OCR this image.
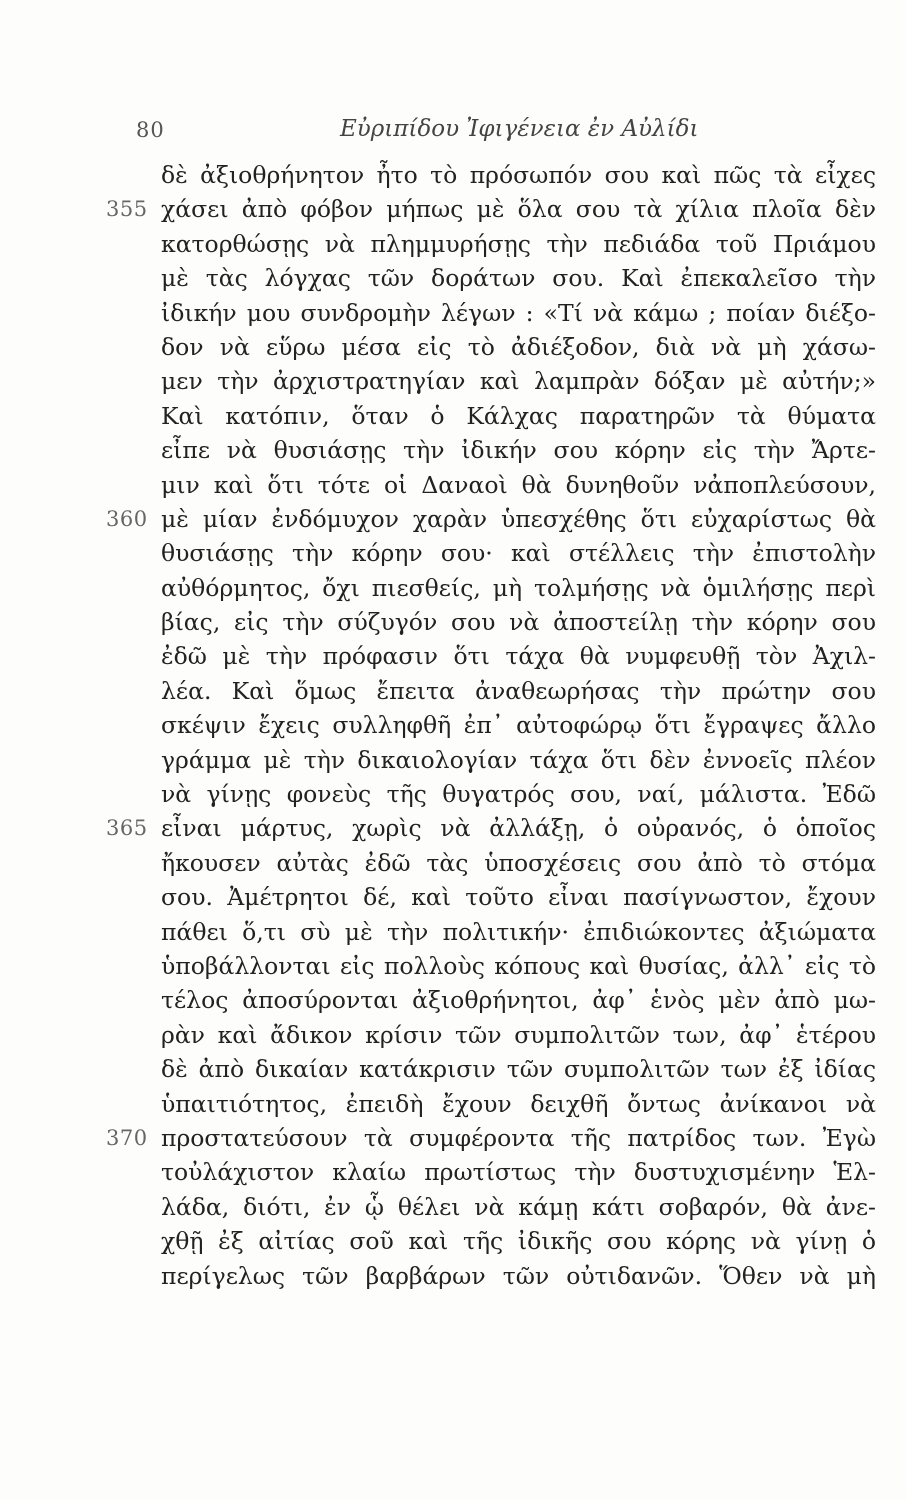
80	Εὐριπίδου Ἰφιγένεια ἐν Αὐλίδι
δὲ ἀξιοθρήνητον ἦτο τὸ πρόσωπόν σου καὶ πῶς τὰ εἶχες
355 χάσει ἀπὸ φόβον μήπως μὲ ὅλα σου τὰ χίλια πλοῖα δὲν
κατορθώσῃς νὰ πλημμυρήσῃς τὴν πεδιάδα τοῦ Πριάμου
μὲ τὰς λόγχας τῶν δοράτων σου. Καὶ ἐπεκαλεῖσο τὴν
ἰδικήν μου συνδρομὴν λέγων : «Τί νὰ κάμω ; ποίαν διέξο-
δον νὰ εὕρω μέσα εἰς τὸ ἀδιέξοδον, διὰ νὰ μὴ χάσω-
μεν τὴν ἀρχιστρατηγίαν καὶ λαμπρὰν δόξαν μὲ αὐτήν;»
Καὶ κατόπιν, ὅταν ὁ Κάλχας παρατηρῶν τὰ θύματα
εἶπε νὰ θυσιάσῃς τὴν ἰδικήν σου κόρην εἰς τὴν Ἄρτε-
μιν καὶ ὅτι τότε οἱ Δαναοὶ θὰ δυνηθοῦν νἀποπλεύσουν,
360 μὲ μίαν ἐνδόμυχον χαρὰν ὑπεσχέθης ὅτι εὐχαρίστως θὰ
θυσιάσῃς τὴν κόρην σου· καὶ στέλλεις τὴν ἐπιστολὴν
αὐθόρμητος, ὄχι πιεσθείς, μὴ τολμήσῃς νὰ ὁμιλήσῃς περὶ
βίας, εἰς τὴν σύζυγόν σου νὰ ἀποστείλῃ τὴν κόρην σου
ἐδῶ μὲ τὴν πρόφασιν ὅτι τάχα θὰ νυμφευθῇ τὸν Ἀχιλ-
λέα. Καὶ ὅμως ἔπειτα ἀναθεωρήσας τὴν πρώτην σου
σκέψιν ἔχεις συλληφθῆ ἐπ᾿ αὐτοφώρῳ ὅτι ἔγραψες ἄλλο
γράμμα μὲ τὴν δικαιολογίαν τάχα ὅτι δὲν ἐννοεῖς πλέον
νὰ γίνῃς φονεὺς τῆς θυγατρός σου, ναί, μάλιστα. Ἐδῶ
365 εἶναι μάρτυς, χωρὶς νὰ ἀλλάξῃ, ὁ οὐρανός, ὁ ὁποῖος
ἤκουσεν αὐτὰς ἐδῶ τὰς ὑποσχέσεις σου ἀπὸ τὸ στόμα
σου. Ἀμέτρητοι δέ, καὶ τοῦτο εἶναι πασίγνωστον, ἔχουν
πάθει ὅ,τι σὺ μὲ τὴν πολιτικήν· ἐπιδιώκοντες ἀξιώματα
ὑποβάλλονται εἰς πολλοὺς κόπους καὶ θυσίας, ἀλλ᾿ εἰς τὸ
τέλος ἀποσύρονται ἀξιοθρήνητοι, ἀφ᾿ ἑνὸς μὲν ἀπὸ μω-
ρὰν καὶ ἄδικον κρίσιν τῶν συμπολιτῶν των, ἀφ᾿ ἑτέρου
δὲ ἀπὸ δικαίαν κατάκρισιν τῶν συμπολιτῶν των ἐξ ἰδίας
ὑπαιτιότητος, ἐπειδὴ ἔχουν δειχθῆ ὄντως ἀνίκανοι νὰ
370 προστατεύσουν τὰ συμφέροντα τῆς πατρίδος των. Ἐγὼ
τοὐλάχιστον κλαίω πρωτίστως τὴν δυστυχισμένην Ἑλ-
λάδα, διότι, ἐν ᾧ θέλει νὰ κάμῃ κάτι σοβαρόν, θὰ ἀνε-
χθῇ ἐξ αἰτίας σοῦ καὶ τῆς ἰδικῆς σου κόρης νὰ γίνῃ ὁ
περίγελως τῶν βαρβάρων τῶν οὐτιδανῶν. Ὅθεν νὰ μὴ
